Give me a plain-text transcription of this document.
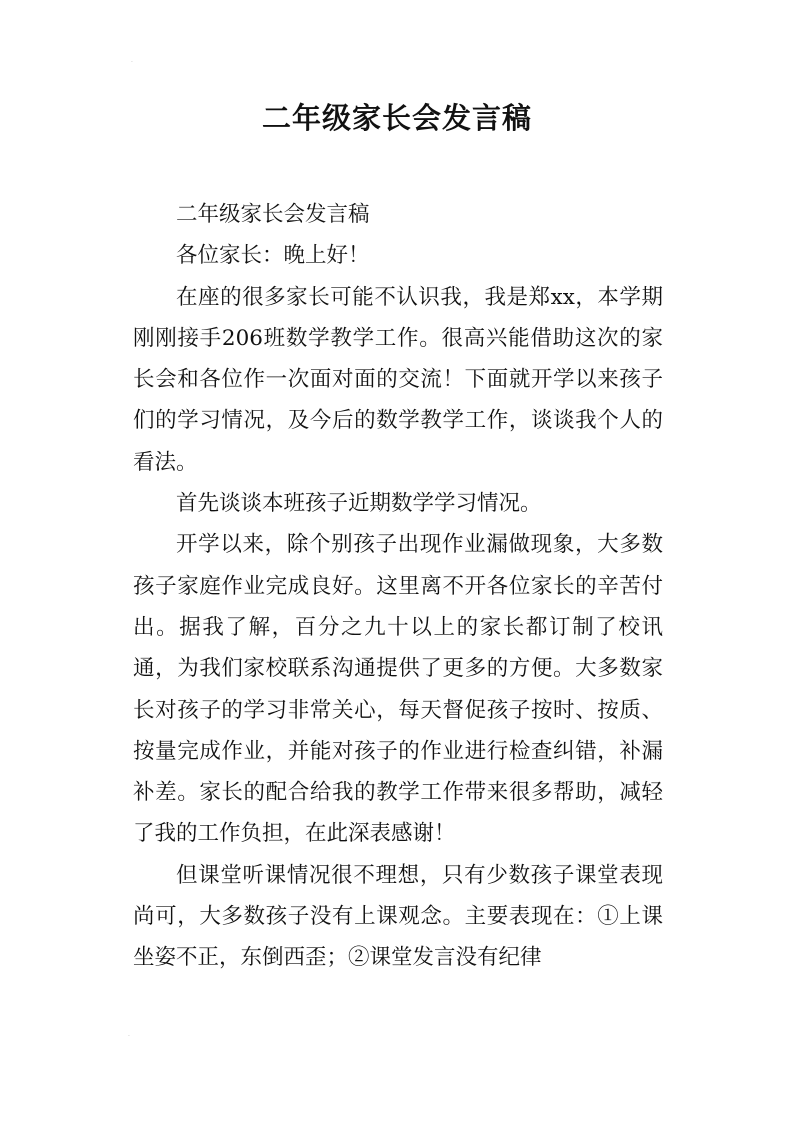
二年级家长会发言稿

二年级家长会发言稿

各位家长：晚上好！

在座的很多家长可能不认识我，我是郑xx，本学期刚刚接手206班数学教学工作。很高兴能借助这次的家长会和各位作一次面对面的交流！下面就开学以来孩子们的学习情况，及今后的数学教学工作，谈谈我个人的看法。

首先谈谈本班孩子近期数学学习情况。

开学以来，除个别孩子出现作业漏做现象，大多数孩子家庭作业完成良好。这里离不开各位家长的辛苦付出。据我了解，百分之九十以上的家长都订制了校讯通，为我们家校联系沟通提供了更多的方便。大多数家长对孩子的学习非常关心，每天督促孩子按时、按质、按量完成作业，并能对孩子的作业进行检查纠错，补漏补差。家长的配合给我的教学工作带来很多帮助，减轻了我的工作负担，在此深表感谢！

但课堂听课情况很不理想，只有少数孩子课堂表现尚可，大多数孩子没有上课观念。主要表现在：①上课坐姿不正，东倒西歪；②课堂发言没有纪律

·
·
